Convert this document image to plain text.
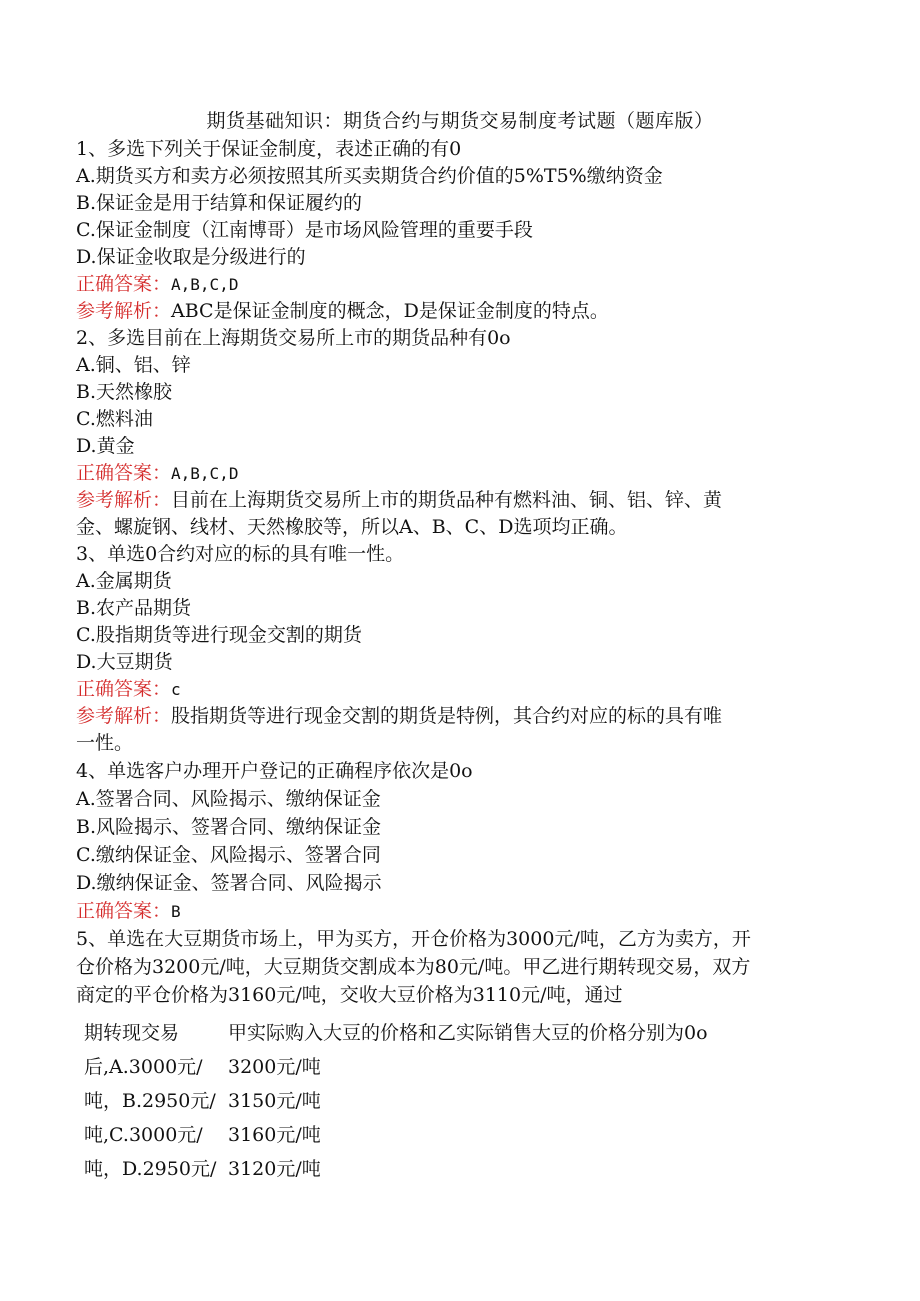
期货基础知识：期货合约与期货交易制度考试题（题库版）
1、多选下列关于保证金制度，表述正确的有0
A.期货买方和卖方必须按照其所买卖期货合约价值的5%T5%缴纳资金
B.保证金是用于结算和保证履约的
C.保证金制度（江南博哥）是市场风险管理的重要手段
D.保证金收取是分级进行的
正确答案：A,B,C,D
参考解析：ABC是保证金制度的概念，D是保证金制度的特点。
2、多选目前在上海期货交易所上市的期货品种有0o
A.铜、铝、锌
B.天然橡胶
C.燃料油
D.黄金
正确答案：A,B,C,D
参考解析：目前在上海期货交易所上市的期货品种有燃料油、铜、铝、锌、黄
金、螺旋钢、线材、天然橡胶等，所以A、B、C、D选项均正确。
3、单选0合约对应的标的具有唯一性。
A.金属期货
B.农产品期货
C.股指期货等进行现金交割的期货
D.大豆期货
正确答案：c
参考解析：股指期货等进行现金交割的期货是特例，其合约对应的标的具有唯
一性。
4、单选客户办理开户登记的正确程序依次是0o
A.签署合同、风险揭示、缴纳保证金
B.风险揭示、签署合同、缴纳保证金
C.缴纳保证金、风险揭示、签署合同
D.缴纳保证金、签署合同、风险揭示
正确答案：B
5、单选在大豆期货市场上，甲为买方，开仓价格为3000元/吨，乙方为卖方，开
仓价格为3200元/吨，大豆期货交割成本为80元/吨。甲乙进行期转现交易，双方
商定的平仓价格为3160元/吨，交收大豆价格为3110元/吨，通过
期转现交易
后,A.3000元/
吨，B.2950元/
吨,C.3000元/
吨，D.2950元/
甲实际购入大豆的价格和乙实际销售大豆的价格分别为0o
3200元/吨
3150元/吨
3160元/吨
3120元/吨
